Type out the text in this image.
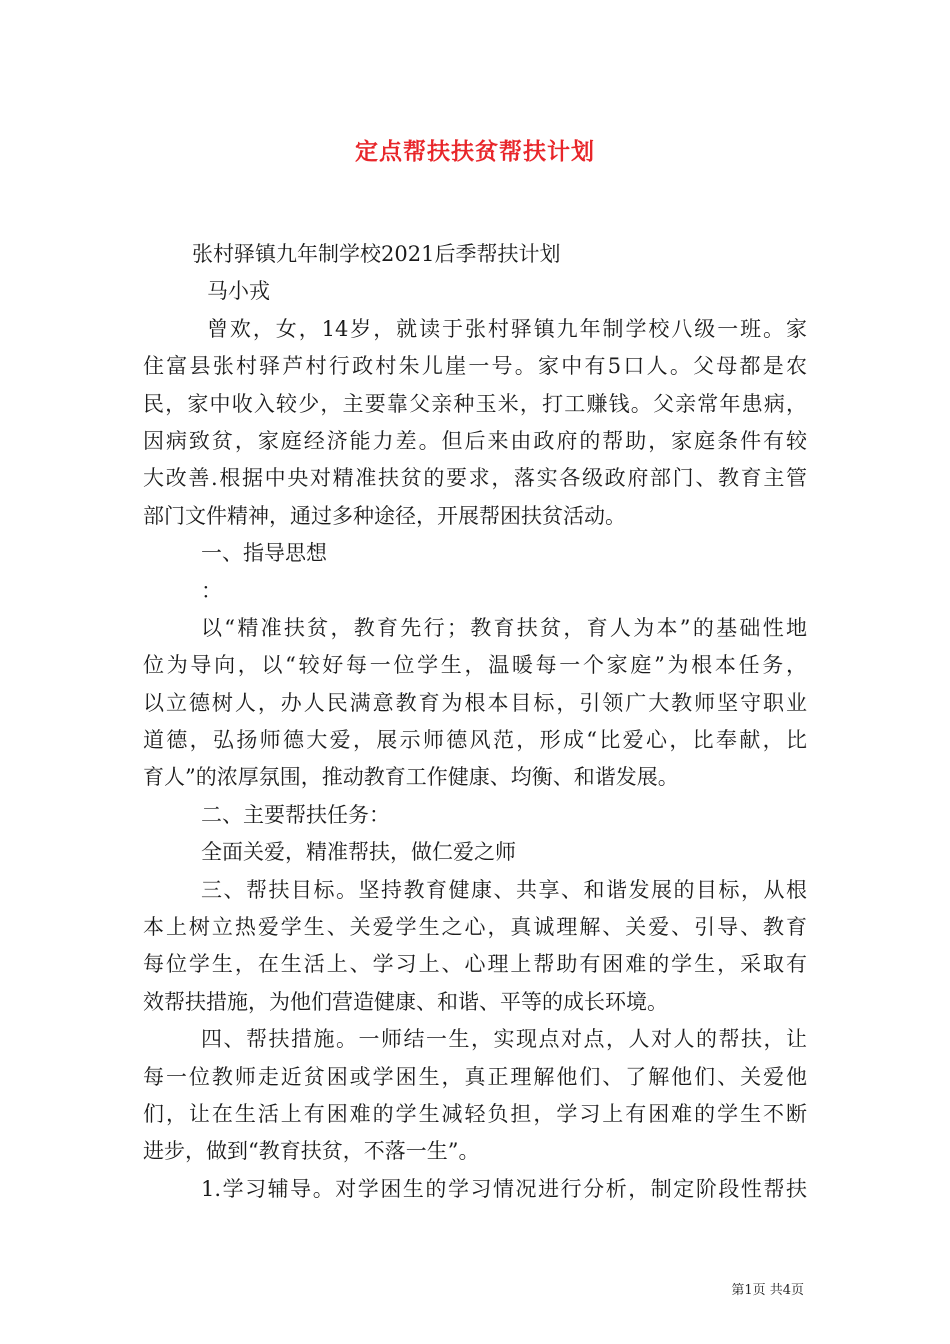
定点帮扶扶贫帮扶计划
张村驿镇九年制学校2021后季帮扶计划
马小戎
曾欢，女，14岁，就读于张村驿镇九年制学校八级一班。家
住富县张村驿芦村行政村朱儿崖一号。家中有5口人。父母都是农
民，家中收入较少，主要靠父亲种玉米，打工赚钱。父亲常年患病，
因病致贫，家庭经济能力差。但后来由政府的帮助，家庭条件有较
大改善.根据中央对精准扶贫的要求，落实各级政府部门、教育主管
部门文件精神，通过多种途径，开展帮困扶贫活动。
一、指导思想
：
以“精准扶贫，教育先行；教育扶贫，育人为本”的基础性地
位为导向，以“较好每一位学生，温暖每一个家庭”为根本任务，
以立德树人，办人民满意教育为根本目标，引领广大教师坚守职业
道德，弘扬师德大爱，展示师德风范，形成“比爱心，比奉献，比
育人”的浓厚氛围，推动教育工作健康、均衡、和谐发展。
二、主要帮扶任务：
全面关爱，精准帮扶，做仁爱之师
三、帮扶目标。坚持教育健康、共享、和谐发展的目标，从根
本上树立热爱学生、关爱学生之心，真诚理解、关爱、引导、教育
每位学生，在生活上、学习上、心理上帮助有困难的学生，采取有
效帮扶措施，为他们营造健康、和谐、平等的成长环境。
四、帮扶措施。一师结一生，实现点对点，人对人的帮扶，让
每一位教师走近贫困或学困生，真正理解他们、了解他们、关爱他
们，让在生活上有困难的学生减轻负担，学习上有困难的学生不断
进步，做到“教育扶贫，不落一生”。
1.学习辅导。对学困生的学习情况进行分析，制定阶段性帮扶
第1页 共4页
